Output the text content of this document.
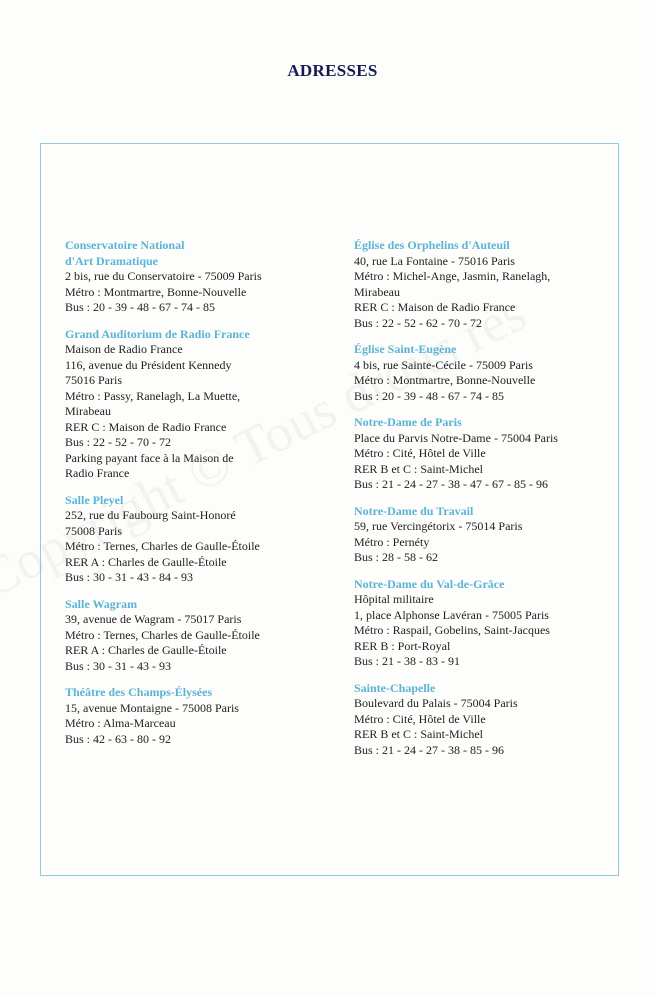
ADRESSES
Conservatoire National
d'Art Dramatique
2 bis, rue du Conservatoire - 75009 Paris
Métro : Montmartre, Bonne-Nouvelle
Bus : 20 - 39 - 48 - 67 - 74 - 85
Grand Auditorium de Radio France
Maison de Radio France
116, avenue du Président Kennedy
75016 Paris
Métro : Passy, Ranelagh, La Muette,
Mirabeau
RER C : Maison de Radio France
Bus : 22 - 52 - 70 - 72
Parking payant face à la Maison de
Radio France
Salle Pleyel
252, rue du Faubourg Saint-Honoré
75008 Paris
Métro : Ternes, Charles de Gaulle-Étoile
RER A : Charles de Gaulle-Étoile
Bus : 30 - 31 - 43 - 84 - 93
Salle Wagram
39, avenue de Wagram - 75017 Paris
Métro : Ternes, Charles de Gaulle-Étoile
RER A : Charles de Gaulle-Étoile
Bus : 30 - 31 - 43 - 93
Théâtre des Champs-Élysées
15, avenue Montaigne - 75008 Paris
Métro : Alma-Marceau
Bus : 42 - 63 - 80 - 92
Église des Orphelins d'Auteuil
40, rue La Fontaine - 75016 Paris
Métro : Michel-Ange, Jasmin, Ranelagh,
Mirabeau
RER C : Maison de Radio France
Bus : 22 - 52 - 62 - 70 - 72
Église Saint-Eugène
4 bis, rue Sainte-Cécile - 75009 Paris
Métro : Montmartre, Bonne-Nouvelle
Bus : 20 - 39 - 48 - 67 - 74 - 85
Notre-Dame de Paris
Place du Parvis Notre-Dame - 75004 Paris
Métro : Cité, Hôtel de Ville
RER B et C : Saint-Michel
Bus : 21 - 24 - 27 - 38 - 47 - 67 - 85 - 96
Notre-Dame du Travail
59, rue Vercingétorix - 75014 Paris
Métro : Pernéty
Bus : 28 - 58 - 62
Notre-Dame du Val-de-Grâce
Hôpital militaire
1, place Alphonse Lavéran - 75005 Paris
Métro : Raspail, Gobelins, Saint-Jacques
RER B : Port-Royal
Bus : 21 - 38 - 83 - 91
Sainte-Chapelle
Boulevard du Palais - 75004 Paris
Métro : Cité, Hôtel de Ville
RER B et C : Saint-Michel
Bus : 21 - 24 - 27 - 38 - 85 - 96
